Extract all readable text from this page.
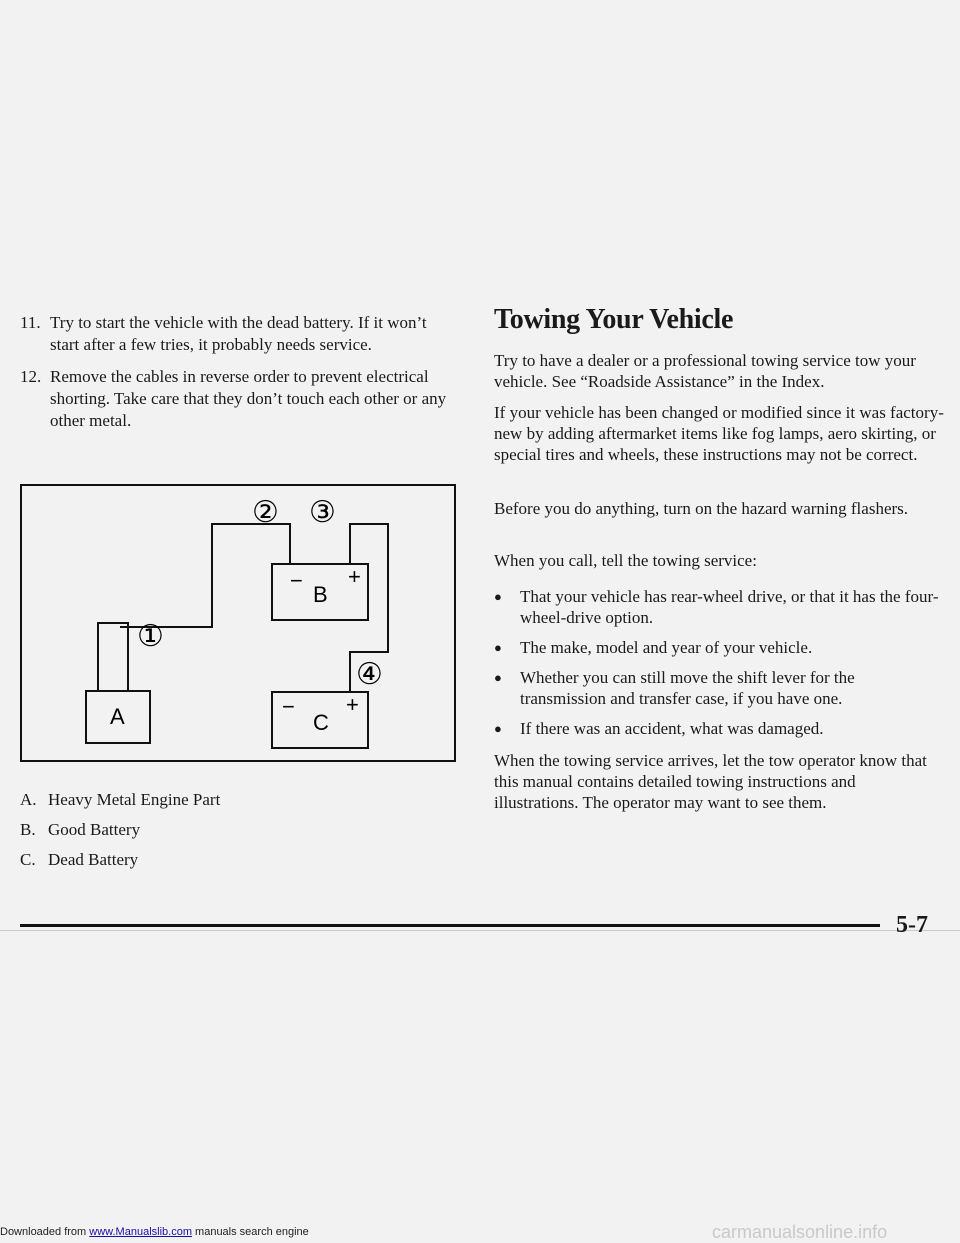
11. Try to start the vehicle with the dead battery. If it won’t start after a few tries, it probably needs service.
12. Remove the cables in reverse order to prevent electrical shorting. Take care that they don’t touch each other or any other metal.
− +
B
− +
C
A
② ③
①
④
A. Heavy Metal Engine Part
B. Good Battery
C. Dead Battery
Towing Your Vehicle

Try to have a dealer or a professional towing service tow your vehicle. See “Roadside Assistance” in the Index.

If your vehicle has been changed or modified since it was factory-new by adding aftermarket items like fog lamps, aero skirting, or special tires and wheels, these instructions may not be correct.

Before you do anything, turn on the hazard warning flashers.

When you call, tell the towing service:

● That your vehicle has rear-wheel drive, or that it has the four-wheel-drive option.
● The make, model and year of your vehicle.
● Whether you can still move the shift lever for the transmission and transfer case, if you have one.
● If there was an accident, what was damaged.

When the towing service arrives, let the tow operator know that this manual contains detailed towing instructions and illustrations. The operator may want to see them.

5-7
Downloaded from www.Manualslib.com manuals search engine	carmanualsonline.info
